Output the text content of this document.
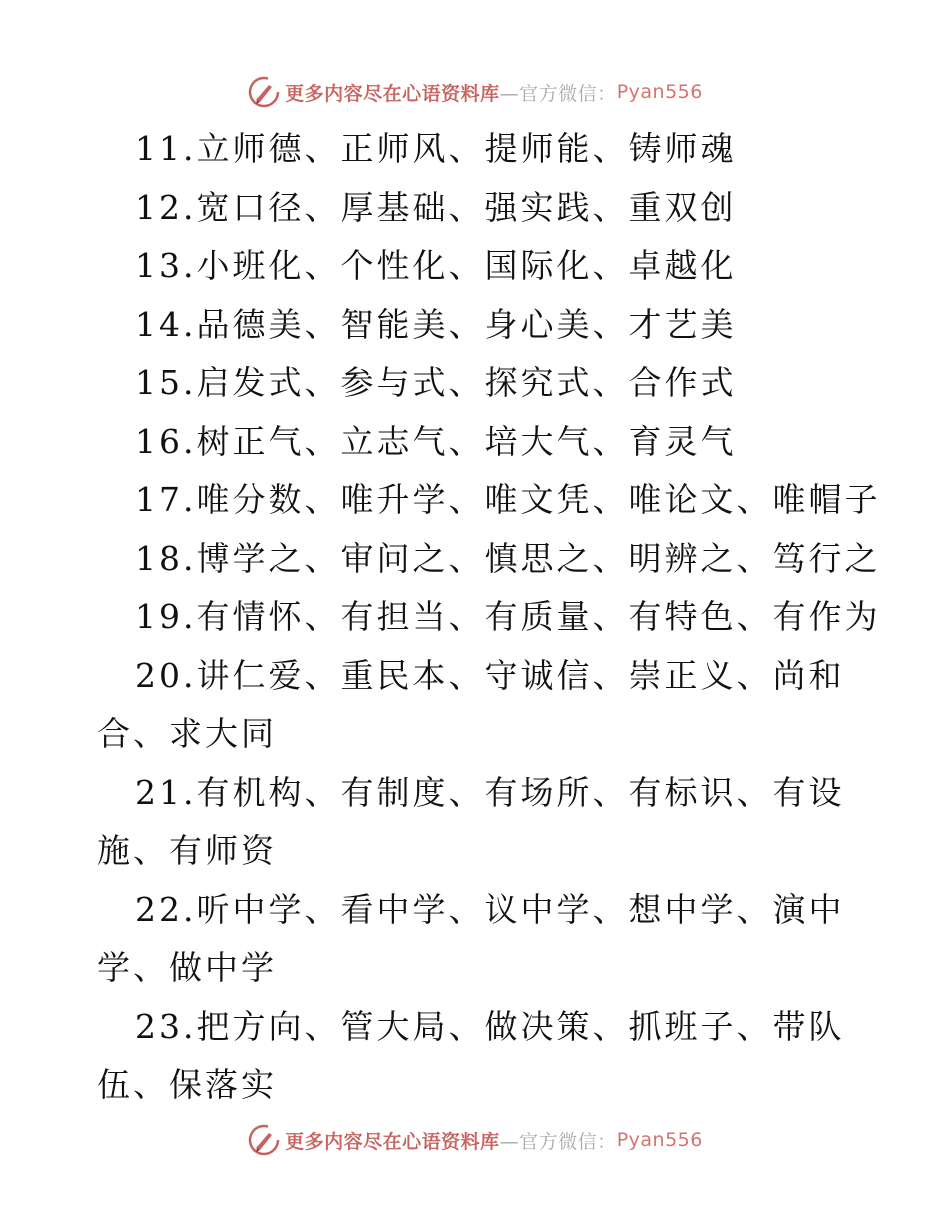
更多内容尽在心语资料库 —官方微信： Pyan556
11.立师德、正师风、提师能、铸师魂
12.宽口径、厚基础、强实践、重双创
13.小班化、个性化、国际化、卓越化
14.品德美、智能美、身心美、才艺美
15.启发式、参与式、探究式、合作式
16.树正气、立志气、培大气、育灵气
17.唯分数、唯升学、唯文凭、唯论文、唯帽子
18.博学之、审问之、慎思之、明辨之、笃行之
19.有情怀、有担当、有质量、有特色、有作为
20.讲仁爱、重民本、守诚信、崇正义、尚和
合、求大同
21.有机构、有制度、有场所、有标识、有设
施、有师资
22.听中学、看中学、议中学、想中学、演中
学、做中学
23.把方向、管大局、做决策、抓班子、带队
伍、保落实
更多内容尽在心语资料库 —官方微信： Pyan556
